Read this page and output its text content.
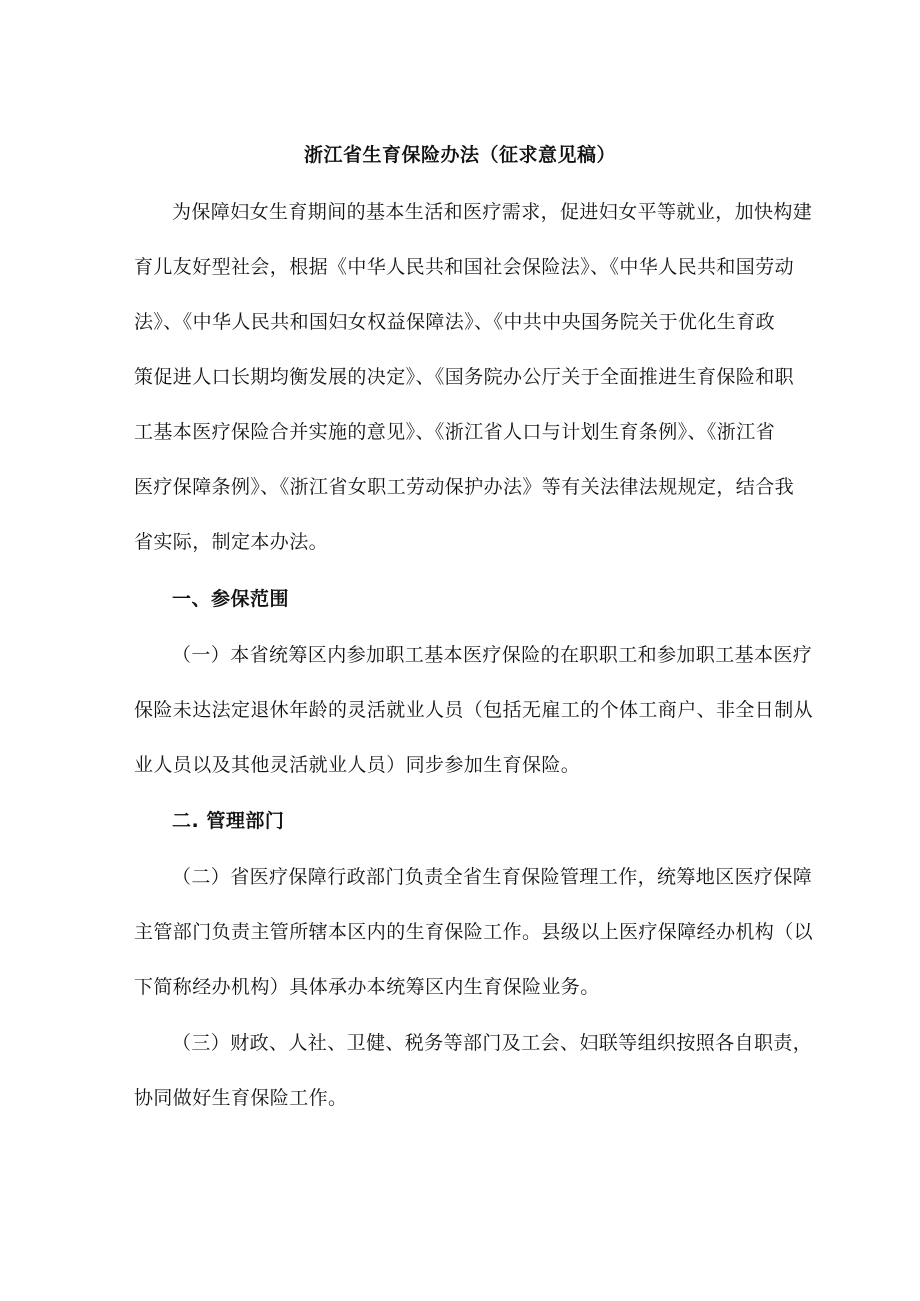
浙江省生育保险办法（征求意见稿）
为保障妇女生育期间的基本生活和医疗需求，促进妇女平等就业，加快构建
育儿友好型社会，根据《中华人民共和国社会保险法》、《中华人民共和国劳动
法》、《中华人民共和国妇女权益保障法》、《中共中央国务院关于优化生育政
策促进人口长期均衡发展的决定》、《国务院办公厅关于全面推进生育保险和职
工基本医疗保险合并实施的意见》、《浙江省人口与计划生育条例》、《浙江省
医疗保障条例》、《浙江省女职工劳动保护办法》等有关法律法规规定，结合我
省实际，制定本办法。
一、参保范围
（一）本省统筹区内参加职工基本医疗保险的在职职工和参加职工基本医疗
保险未达法定退休年龄的灵活就业人员（包括无雇工的个体工商户、非全日制从
业人员以及其他灵活就业人员）同步参加生育保险。
二. 管理部门
（二）省医疗保障行政部门负责全省生育保险管理工作，统筹地区医疗保障
主管部门负责主管所辖本区内的生育保险工作。县级以上医疗保障经办机构（以
下简称经办机构）具体承办本统筹区内生育保险业务。
（三）财政、人社、卫健、税务等部门及工会、妇联等组织按照各自职责，
协同做好生育保险工作。
